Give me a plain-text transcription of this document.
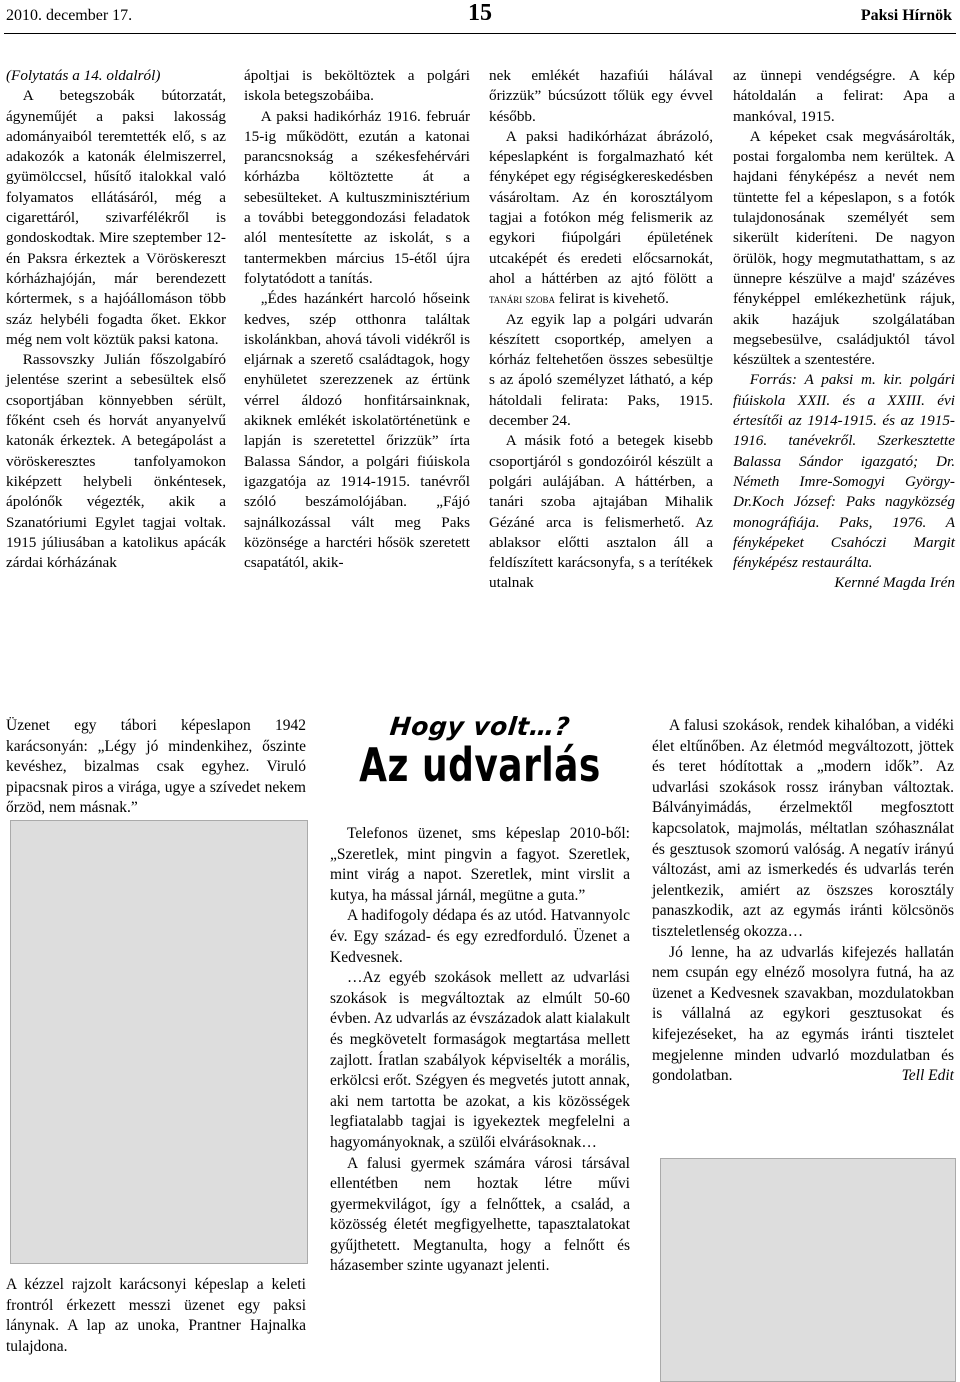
2010. december 17.	15	Paksi Hírnök

(Folytatás a 14. oldalról)

A betegszobák bútorzatát, ágyneműjét a paksi lakosság adományaiból teremtették elő, s az adakozók a katonák élelmiszerrel, gyümölccsel, hűsítő italokkal való folyamatos ellátásáról, még a cigarettáról, szivarfélékről is gondoskodtak. Mire szeptember 12-én Paksra érkeztek a Vöröskereszt kórházhajóján, már berendezett kórtermek, s a hajóállomáson több száz helybéli fogadta őket. Ekkor még nem volt köztük paksi katona.

Rassovszky Julián főszolgabíró jelentése szerint a sebesültek első csoportjában könnyebben sérült, főként cseh és horvát anyanyelvű katonák érkeztek. A betegápolást a vöröskeresztes tanfolyamokon kiképzett helybeli önkéntesek, ápolónők végezték, akik a Szanatóriumi Egylet tagjai voltak. 1915 júliusában a katolikus apácák zárdai kórházának

ápoltjai is beköltöztek a polgári iskola betegszobáiba.

A paksi hadikórház 1916. február 15-ig működött, ezután a katonai parancsnokság a székesfehérvári kórházba költöztette át a sebesülteket. A kultuszminisztérium a további beteggondozási feladatok alól mentesítette az iskolát, s a tantermekben március 15-étől újra folytatódott a tanítás.

„Édes hazánkért harcoló hőseink kedves, szép otthonra találtak iskolánkban, ahová távoli vidékről is eljárnak a szerető családtagok, hogy enyhületet szerezzenek az értünk vérrel áldozó honfitársainknak, akiknek emlékét iskolatörténetünk e lapján is szeretettel őrizzük” írta Balassa Sándor, a polgári fiúiskola igazgatója az 1914-1915. tanévről szóló beszámolójában. „Fájó sajnálkozással vált meg Paks közönsége a harctéri hősök szeretett csapatától, akik-

nek emlékét hazafiúi hálával őrizzük” búcsúzott tőlük egy évvel később.

A paksi hadikórházat ábrázoló, képeslapként is forgalmazható két fényképet egy régiségkereskedésben vásároltam. Az én korosztályom tagjai a fotókon még felismerik az egykori fiúpolgári épületének utcaképét és eredeti előcsarnokát, ahol a háttérben az ajtó fölött a tanári szoba felirat is kivehető.

Az egyik lap a polgári udvarán készített csoportkép, amelyen a kórház feltehetően összes sebesültje s az ápoló személyzet látható, a kép hátoldali felirata: Paks, 1915. december 24.

A másik fotó a betegek kisebb csoportjáról s gondozóiról készült a polgári aulájában. A háttérben, a tanári szoba ajtajában Mihalik Gézáné arca is felismerhető. Az ablaksor előtti asztalon áll a feldíszített karácsonyfa, s a terítékek utalnak

az ünnepi vendégségre. A kép hátoldalán a felirat: Apa a mankóval, 1915.

A képeket csak megvásárolták, postai forgalomba nem kerültek. A hajdani fényképész a nevét nem tüntette fel a képeslapon, s a fotók tulajdonosának személyét sem sikerült kideríteni. De nagyon örülök, hogy megmutathattam, s az ünnepre készülve a majd' százéves fényképpel emlékezhetünk rájuk, akik hazájuk szolgálatában megsebesülve, családjuktól távol készültek a szentestére.

Forrás: A paksi m. kir. polgári fiúiskola XXII. és a XXIII. évi értesítői az 1914-1915. és az 1915-1916. tanévekről. Szerkesztette Balassa Sándor igazgató; Dr. Németh Imre-Somogyi György-Dr.Koch József: Paks nagyközség monográfiája. Paks, 1976. A fényképeket Csahóczi Margit fényképész restaurálta.

Kernné Magda Irén

Üzenet egy tábori képeslapon 1942 karácsonyán: „Légy jó mindenkihez, őszinte kevéshez, bizalmas csak egyhez. Viruló pipacsnak piros a virága, ugye a szívedet nekem őrzöd, nem másnak.”

A kézzel rajzolt karácsonyi képeslap a keleti frontról érkezett messzi üzenet egy paksi lánynak. A lap az unoka, Prantner Hajnalka tulajdona.
Hogy volt…?
Az udvarlás

Telefonos üzenet, sms képeslap 2010-ből: „Szeretlek, mint pingvin a fagyot. Szeretlek, mint virág a napot. Szeretlek, mint virslit a kutya, ha mással járnál, megütne a guta.”

A hadifogoly dédapa és az utód. Hatvannyolc év. Egy század- és egy ezredforduló. Üzenet a Kedvesnek.

…Az egyéb szokások mellett az udvarlási szokások is megváltoztak az elmúlt 50-60 évben. Az udvarlás az évszázadok alatt kialakult és megkövetelt formaságok megtartása mellett zajlott. Íratlan szabályok képviselték a morális, erkölcsi erőt. Szégyen és megvetés jutott annak, aki nem tartotta be azokat, a kis közösségek legfiatalabb tagjai is igyekeztek megfelelni a hagyományoknak, a szülői elvárásoknak…

A falusi gyermek számára városi társával ellentétben nem hoztak létre művi gyermekvilágot, így a felnőttek, a család, a közösség életét megfigyelhette, tapasztalatokat gyűjthetett. Megtanulta, hogy a felnőtt és házasember szinte ugyanazt jelenti.

A falusi szokások, rendek kihalóban, a vidéki élet eltűnőben. Az életmód megváltozott, jöttek és teret hódítottak a „modern idők”. Az udvarlási szokások rossz irányban változtak. Bálványimádás, érzelmektől megfosztott kapcsolatok, majmolás, méltatlan szóhasználat és gesztusok szomorú valóság. A negatív irányú változást, ami az ismerkedés és udvarlás terén jelentkezik, amiért az öszszes korosztály panaszkodik, azt az egymás iránti kölcsönös tiszteletlenség okozza…

Jó lenne, ha az udvarlás kifejezés hallatán nem csupán egy elnéző mosolyra futná, ha az üzenet a Kedvesnek szavakban, mozdulatokban is vállalná az egykori gesztusokat és kifejezéseket, ha az egymás iránti tisztelet megjelenne minden udvarló mozdulatban és gondolatban.	Tell Edit
